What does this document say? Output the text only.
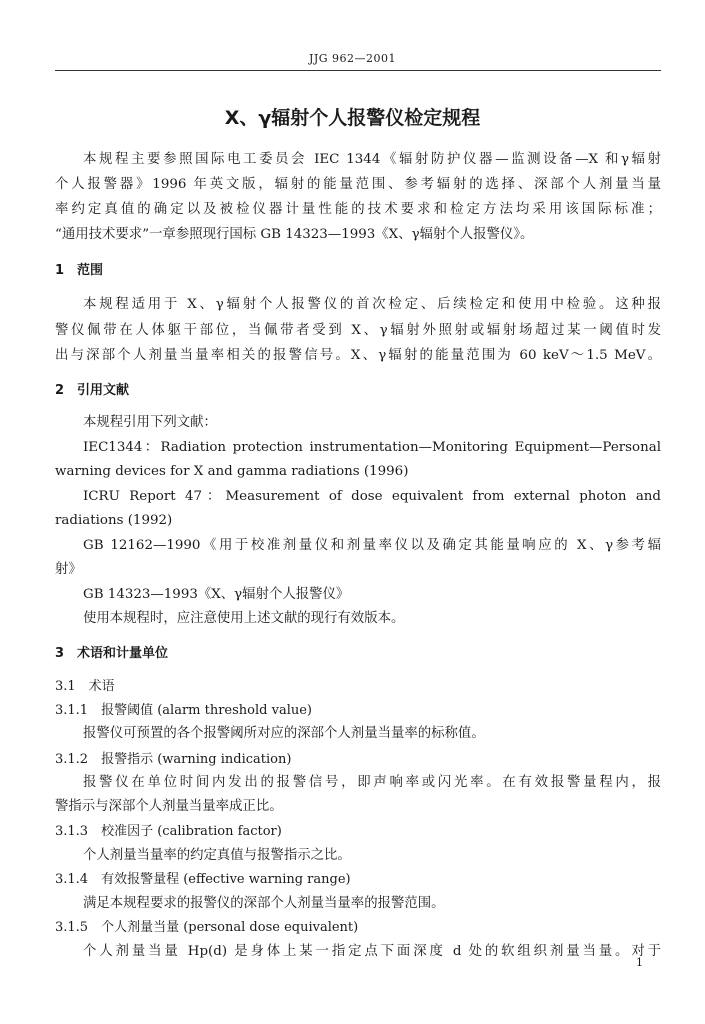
JJG 962—2001
X、γ辐射个人报警仪检定规程
本规程主要参照国际电工委员会 IEC 1344《辐射防护仪器—监测设备—X 和γ辐射
个人报警器》1996 年英文版，辐射的能量范围、参考辐射的选择、深部个人剂量当量
率约定真值的确定以及被检仪器计量性能的技术要求和检定方法均采用该国际标准；
“通用技术要求”一章参照现行国标 GB 14323—1993《X、γ辐射个人报警仪》。
1　范围
本规程适用于 X、γ辐射个人报警仪的首次检定、后续检定和使用中检验。这种报
警仪佩带在人体躯干部位，当佩带者受到 X、γ辐射外照射或辐射场超过某一阈值时发
出与深部个人剂量当量率相关的报警信号。X、γ辐射的能量范围为 60 keV～1.5 MeV。
2　引用文献
本规程引用下列文献：
IEC1344：Radiation protection instrumentation—Monitoring Equipment—Personal
warning devices for X and gamma radiations (1996)
ICRU Report 47：Measurement of dose equivalent from external photon and
radiations (1992)
GB 12162—1990《用于校准剂量仪和剂量率仪以及确定其能量响应的 X、γ参考辐
射》
GB 14323—1993《X、γ辐射个人报警仪》
使用本规程时，应注意使用上述文献的现行有效版本。
3　术语和计量单位
3.1　术语
3.1.1　报警阈值 (alarm threshold value)
报警仪可预置的各个报警阈所对应的深部个人剂量当量率的标称值。
3.1.2　报警指示 (warning indication)
报警仪在单位时间内发出的报警信号，即声响率或闪光率。在有效报警量程内，报
警指示与深部个人剂量当量率成正比。
3.1.3　校准因子 (calibration factor)
个人剂量当量率的约定真值与报警指示之比。
3.1.4　有效报警量程 (effective warning range)
满足本规程要求的报警仪的深部个人剂量当量率的报警范围。
3.1.5　个人剂量当量 (personal dose equivalent)
个人剂量当量 Hp(d) 是身体上某一指定点下面深度 d 处的软组织剂量当量。对于
1
